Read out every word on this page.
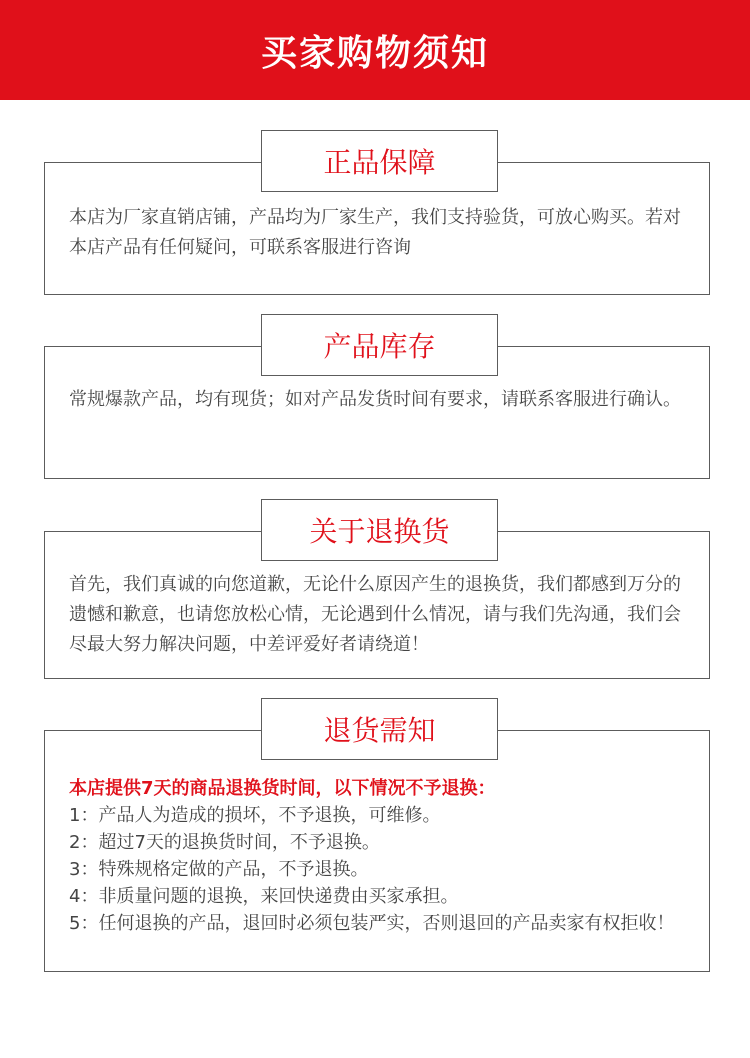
买家购物须知
正品保障
本店为厂家直销店铺，产品均为厂家生产，我们支持验货，可放心购买。若对本店产品有任何疑问，可联系客服进行咨询
产品库存
常规爆款产品，均有现货；如对产品发货时间有要求，请联系客服进行确认。
关于退换货
首先，我们真诚的向您道歉，无论什么原因产生的退换货，我们都感到万分的遗憾和歉意，也请您放松心情，无论遇到什么情况，请与我们先沟通，我们会尽最大努力解决问题，中差评爱好者请绕道！
退货需知
本店提供7天的商品退换货时间，以下情况不予退换：
1：产品人为造成的损坏，不予退换，可维修。
2：超过7天的退换货时间，不予退换。
3：特殊规格定做的产品，不予退换。
4：非质量问题的退换，来回快递费由买家承担。
5：任何退换的产品，退回时必须包装严实，否则退回的产品卖家有权拒收！
